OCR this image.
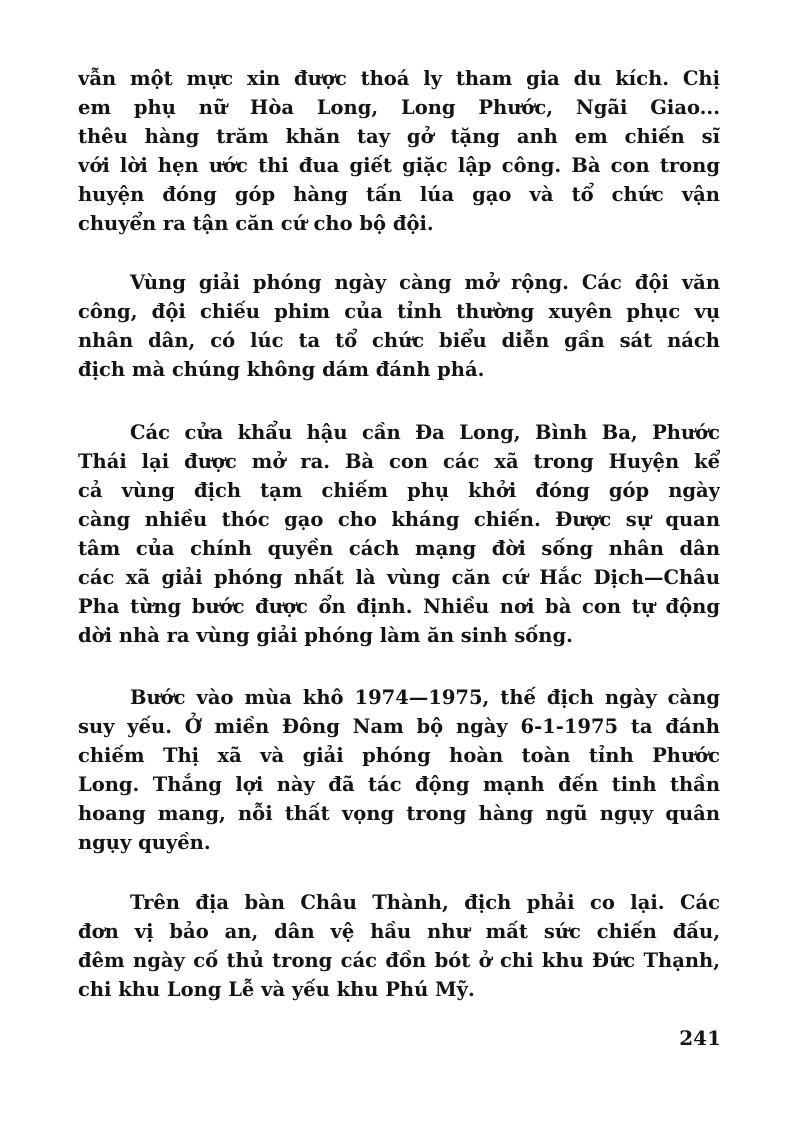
vẫn một mực xin được thoá ly tham gia du kích. Chị
em phụ nữ Hòa Long, Long Phước, Ngãi Giao...
thêu hàng trăm khăn tay gở tặng anh em chiến sĩ
với lời hẹn ước thi đua giết giặc lập công. Bà con trong
huyện đóng góp hàng tấn lúa gạo và tổ chức vận
chuyển ra tận căn cứ cho bộ đội.
Vùng giải phóng ngày càng mở rộng. Các đội văn
công, đội chiếu phim của tỉnh thường xuyên phục vụ
nhân dân, có lúc ta tổ chức biểu diễn gần sát nách
địch mà chúng không dám đánh phá.
Các cửa khẩu hậu cần Đa Long, Bình Ba, Phước
Thái lại được mở ra. Bà con các xã trong Huyện kể
cả vùng địch tạm chiếm phụ khởi đóng góp ngày
càng nhiều thóc gạo cho kháng chiến. Được sự quan
tâm của chính quyền cách mạng đời sống nhân dân
các xã giải phóng nhất là vùng căn cứ Hắc Dịch—Châu
Pha từng bước được ổn định. Nhiều nơi bà con tự động
dời nhà ra vùng giải phóng làm ăn sinh sống.
Bước vào mùa khô 1974—1975, thế địch ngày càng
suy yếu. Ở miền Đông Nam bộ ngày 6-1-1975 ta đánh
chiếm Thị xã và giải phóng hoàn toàn tỉnh Phước
Long. Thắng lợi này đã tác động mạnh đến tinh thần
hoang mang, nỗi thất vọng trong hàng ngũ ngụy quân
ngụy quyền.
Trên địa bàn Châu Thành, địch phải co lại. Các
đơn vị bảo an, dân vệ hầu như mất sức chiến đấu,
đêm ngày cố thủ trong các đồn bót ở chi khu Đức Thạnh,
chi khu Long Lễ và yếu khu Phú Mỹ.
241
